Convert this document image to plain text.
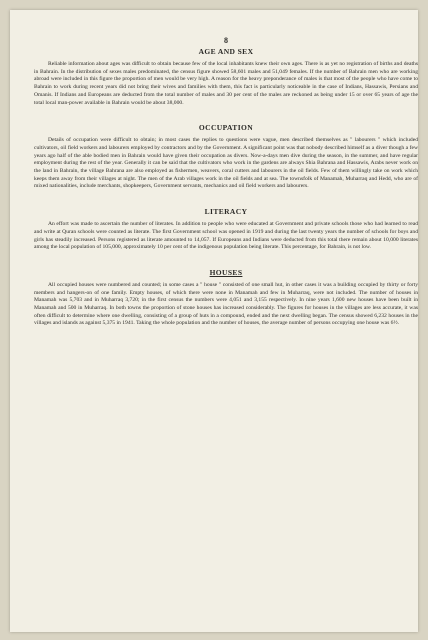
8
AGE AND SEX

Reliable information about ages was difficult to obtain because few of the local inhabitants knew their own ages. There is as yet no registration of births and deaths in Bahrain. In the distribution of sexes males predominated, the census figure showed 58,601 males and 51,049 females. If the number of Bahrain men who are working abroad were included in this figure the proportion of men would be very high. A reason for the heavy preponderance of males is that most of the people who have come to Bahrain to work during recent years did not bring their wives and families with them, this fact is particularly noticeable in the case of Indians, Hassawis, Persians and Omanis. If Indians and Europeans are deducted from the total number of males and 30 per cent of the males are reckoned as being under 15 or over 65 years of age the total local man-power available in Bahrain would be about 38,000.

OCCUPATION

Details of occupation were difficult to obtain; in most cases the replies to questions were vague, men described themselves as " labourers " which included cultivators, oil field workers and labourers employed by contractors and by the Government. A significant point was that nobody described himself as a diver though a few years ago half of the able bodied men in Bahrain would have given their occupation as divers. Now-a-days men dive during the season, in the summer, and have regular employment during the rest of the year. Generally it can be said that the cultivators who work in the gardens are always Shia Bahrana and Hassawis, Arabs never work on the land in Bahrain, the village Bahrana are also employed as fishermen, weavers, coral cutters and labourers in the oil fields. Few of them willingly take on work which keeps them away from their villages at night. The men of the Arab villages work in the oil fields and at sea. The townsfolk of Manamah, Muharraq and Hedd, who are of mixed nationalities, include merchants, shopkeepers, Government servants, mechanics and oil field workers and labourers.

LITERACY

An effort was made to ascertain the number of literates. In addition to people who were educated at Government and private schools those who had learned to read and write at Quran schools were counted as literate. The first Government school was opened in 1919 and during the last twenty years the number of schools for boys and girls has steadily increased. Persons registered as literate amounted to 14,057. If Europeans and Indians were deducted from this total there remain about 10,000 literates among the local population of 105,000, approximately 10 per cent of the indigenous population being literate. This percentage, for Bahrain, is not low.

HOUSES

All occupied houses were numbered and counted; in some cases a " house " consisted of one small hut, in other cases it was a building occupied by thirty or forty members and hangers-on of one family. Empty houses, of which there were none in Manamah and few in Muharraq, were not included. The number of houses in Manamah was 5,703 and in Muharraq 3,720; in the first census the numbers were 4,051 and 3,155 respectively. In nine years 1,600 new houses have been built in Manamah and 500 in Muharraq. In both towns the proportion of stone houses has increased considerably. The figures for houses in the villages are less accurate, it was often difficult to determine where one dwelling, consisting of a group of huts in a compound, ended and the next dwelling began. The census showed 6,232 houses in the villages and islands as against 5,375 in 1941. Taking the whole population and the number of houses, the average number of persons occupying one house was 6½.
